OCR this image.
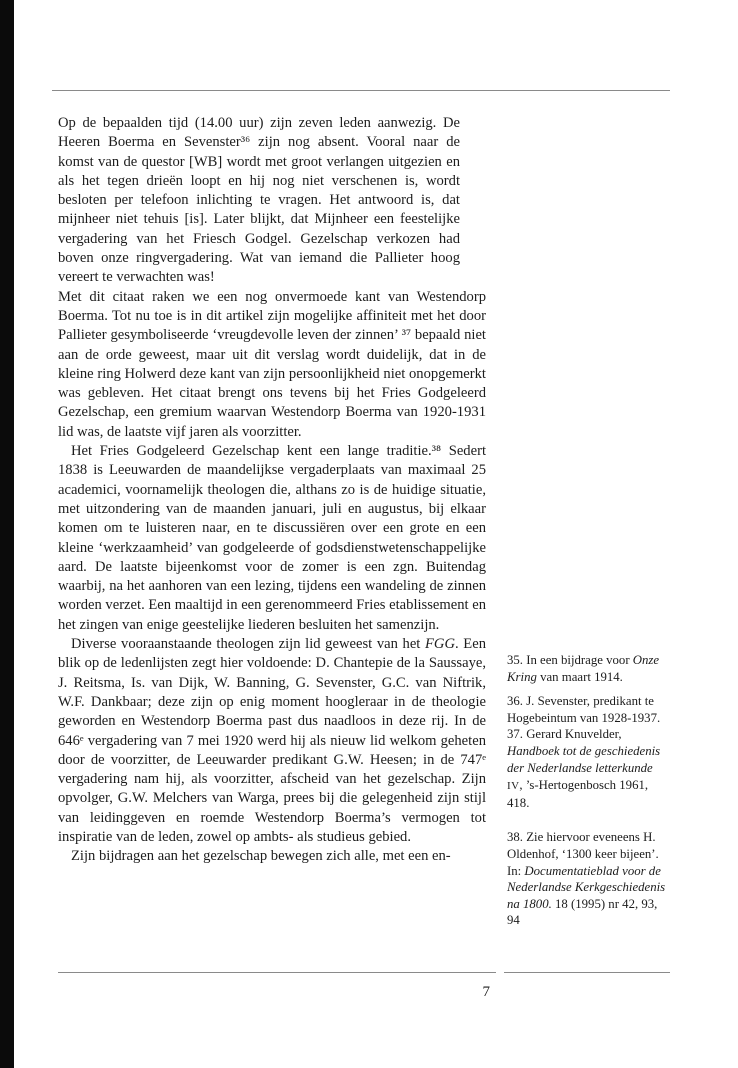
Op de bepaalden tijd (14.00 uur) zijn zeven leden aanwezig. De Heeren Boerma en Sevenster³⁶ zijn nog absent. Vooral naar de komst van de questor [WB] wordt met groot verlangen uitgezien en als het tegen drieën loopt en hij nog niet verschenen is, wordt besloten per telefoon inlichting te vragen. Het antwoord is, dat mijnheer niet tehuis [is]. Later blijkt, dat Mijnheer een feestelijke vergadering van het Friesch Godgel. Gezelschap verkozen had boven onze ringvergadering. Wat van iemand die Pallieter hoog vereert te verwachten was!

Met dit citaat raken we een nog onvermoede kant van Westendorp Boerma. Tot nu toe is in dit artikel zijn mogelijke affiniteit met het door Pallieter gesymboliseerde ‘vreugdevolle leven der zinnen’ ³⁷ bepaald niet aan de orde geweest, maar uit dit verslag wordt duidelijk, dat in de kleine ring Holwerd deze kant van zijn persoonlijkheid niet onopgemerkt was gebleven. Het citaat brengt ons tevens bij het Fries Godgeleerd Gezelschap, een gremium waarvan Westendorp Boerma van 1920-1931 lid was, de laatste vijf jaren als voorzitter.

Het Fries Godgeleerd Gezelschap kent een lange traditie.³⁸ Sedert 1838 is Leeuwarden de maandelijkse vergaderplaats van maximaal 25 academici, voornamelijk theologen die, althans zo is de huidige situatie, met uitzondering van de maanden januari, juli en augustus, bij elkaar komen om te luisteren naar, en te discussiëren over een grote en een kleine ‘werkzaamheid’ van godgeleerde of godsdienstwetenschappelijke aard. De laatste bijeenkomst voor de zomer is een zgn. Buitendag waarbij, na het aanhoren van een lezing, tijdens een wandeling de zinnen worden verzet. Een maaltijd in een gerenommeerd Fries etablissement en het zingen van enige geestelijke liederen besluiten het samenzijn.

Diverse vooraanstaande theologen zijn lid geweest van het FGG. Een blik op de ledenlijsten zegt hier voldoende: D. Chantepie de la Saussaye, J. Reitsma, Is. van Dijk, W. Banning, G. Sevenster, G.C. van Niftrik, W.F. Dankbaar; deze zijn op enig moment hoogleraar in de theologie geworden en Westendorp Boerma past dus naadloos in deze rij. In de 646ᵉ vergadering van 7 mei 1920 werd hij als nieuw lid welkom geheten door de voorzitter, de Leeuwarder predikant G.W. Heesen; in de 747ᵉ vergadering nam hij, als voorzitter, afscheid van het gezelschap. Zijn opvolger, G.W. Melchers van Warga, prees bij die gelegenheid zijn stijl van leidinggeven en roemde Westendorp Boerma’s vermogen tot inspiratie van de leden, zowel op ambts- als studieus gebied.

Zijn bijdragen aan het gezelschap bewegen zich alle, met een en-

35. In een bijdrage voor Onze Kring van maart 1914.

36. J. Sevenster, predikant te Hogebeintum van 1928-1937.

37. Gerard Knuvelder, Handboek tot de geschiedenis der Nederlandse letterkunde IV, ’s-Hertogenbosch 1961, 418.

38. Zie hiervoor eveneens H. Oldenhof, ‘1300 keer bijeen’. In: Documentatieblad voor de Nederlandse Kerkgeschiedenis na 1800. 18 (1995) nr 42, 93, 94

7
